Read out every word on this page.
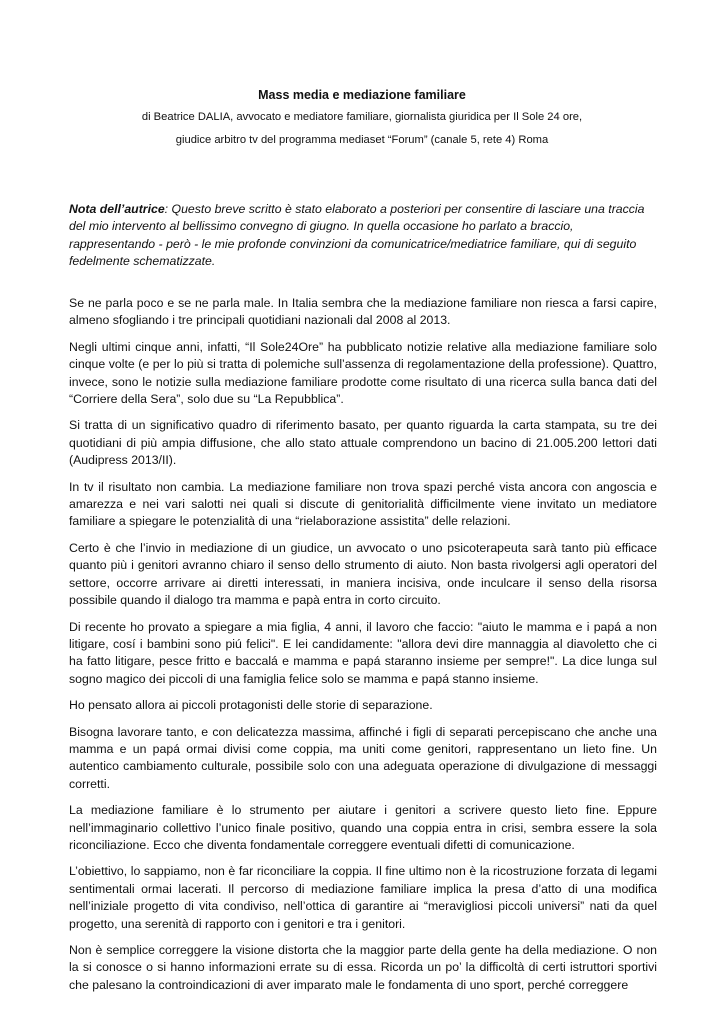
Mass media e mediazione familiare
di Beatrice DALIA, avvocato e mediatore familiare, giornalista giuridica per Il Sole 24 ore,
giudice arbitro tv del programma mediaset “Forum” (canale 5, rete 4) Roma
Nota dell’autrice: Questo breve scritto è stato elaborato a posteriori per consentire di lasciare una traccia del mio intervento al bellissimo convegno di giugno. In quella occasione ho parlato a braccio, rappresentando - però - le mie profonde convinzioni da comunicatrice/mediatrice familiare, qui di seguito fedelmente schematizzate.

Se ne parla poco e se ne parla male. In Italia sembra che la mediazione familiare non riesca a farsi capire, almeno sfogliando i tre principali quotidiani nazionali dal 2008 al 2013.

Negli ultimi cinque anni, infatti, “Il Sole24Ore” ha pubblicato notizie relative alla mediazione familiare solo cinque volte (e per lo più si tratta di polemiche sull’assenza di regolamentazione della professione). Quattro, invece, sono le notizie sulla mediazione familiare prodotte come risultato di una ricerca sulla banca dati del “Corriere della Sera”, solo due su “La Repubblica”.

Si tratta di un significativo quadro di riferimento basato, per quanto riguarda la carta stampata, su tre dei quotidiani di più ampia diffusione, che allo stato attuale comprendono un bacino di 21.005.200 lettori dati (Audipress 2013/II).

In tv il risultato non cambia. La mediazione familiare non trova spazi perché vista ancora con angoscia e amarezza e nei vari salotti nei quali si discute di genitorialità difficilmente viene invitato un mediatore familiare a spiegare le potenzialità di una “rielaborazione assistita” delle relazioni.

Certo è che l’invio in mediazione di un giudice, un avvocato o uno psicoterapeuta sarà tanto più efficace quanto più i genitori avranno chiaro il senso dello strumento di aiuto. Non basta rivolgersi agli operatori del settore, occorre arrivare ai diretti interessati, in maniera incisiva, onde inculcare il senso della risorsa possibile quando il dialogo tra mamma e papà entra in corto circuito.

Di recente ho provato a spiegare a mia figlia, 4 anni, il lavoro che faccio: "aiuto le mamma e i papá a non litigare, cosí i bambini sono piú felici". E lei candidamente: "allora devi dire mannaggia al diavoletto che ci ha fatto litigare, pesce fritto e baccalá e mamma e papá staranno insieme per sempre!". La dice lunga sul sogno magico dei piccoli di una famiglia felice solo se mamma e papá stanno insieme.

Ho pensato allora ai piccoli protagonisti delle storie di separazione.

Bisogna lavorare tanto, e con delicatezza massima, affinché i figli di separati percepiscano che anche una mamma e un papá ormai divisi come coppia, ma uniti come genitori, rappresentano un lieto fine. Un autentico cambiamento culturale, possibile solo con una adeguata operazione di divulgazione di messaggi corretti.

La mediazione familiare è lo strumento per aiutare i genitori a scrivere questo lieto fine. Eppure nell’immaginario collettivo l’unico finale positivo, quando una coppia entra in crisi, sembra essere la sola riconciliazione. Ecco che diventa fondamentale correggere eventuali difetti di comunicazione.

L’obiettivo, lo sappiamo, non è far riconciliare la coppia. Il fine ultimo non è la ricostruzione forzata di legami sentimentali ormai lacerati. Il percorso di mediazione familiare implica la presa d’atto di una modifica nell’iniziale progetto di vita condiviso, nell’ottica di garantire ai “meravigliosi piccoli universi” nati da quel progetto, una serenità di rapporto con i genitori e tra i genitori.

Non è semplice correggere la visione distorta che la maggior parte della gente ha della mediazione. O non la si conosce o si hanno informazioni errate su di essa. Ricorda un po’ la difficoltà di certi istruttori sportivi che palesano la controindicazioni di aver imparato male le fondamenta di uno sport, perché correggere
